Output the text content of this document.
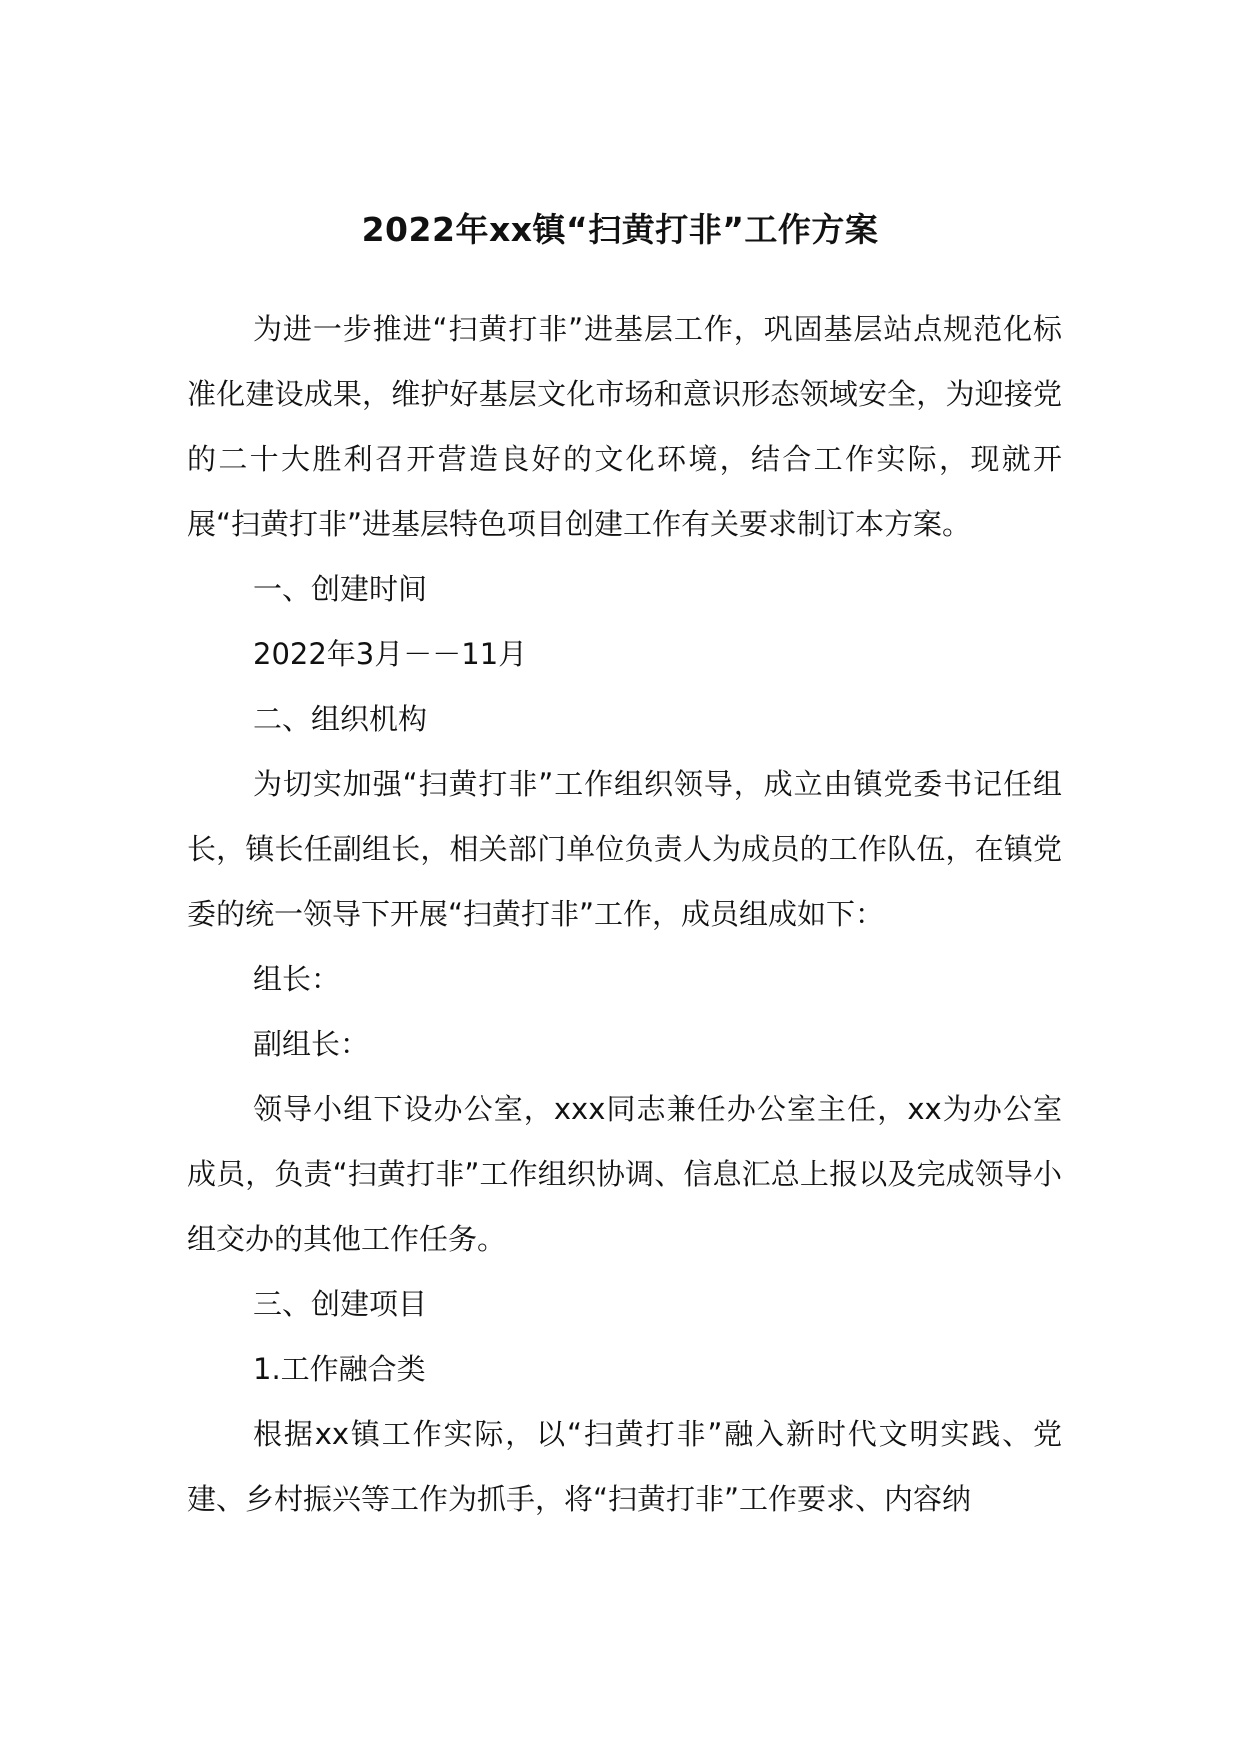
2022年xx镇“扫黄打非”工作方案

为进一步推进“扫黄打非”进基层工作，巩固基层站点规范化标准化建设成果，维护好基层文化市场和意识形态领域安全，为迎接党的二十大胜利召开营造良好的文化环境，结合工作实际，现就开展“扫黄打非”进基层特色项目创建工作有关要求制订本方案。

一、创建时间

2022年3月－－11月

二、组织机构

为切实加强“扫黄打非”工作组织领导，成立由镇党委书记任组长，镇长任副组长，相关部门单位负责人为成员的工作队伍，在镇党委的统一领导下开展“扫黄打非”工作，成员组成如下：

组长：

副组长：

领导小组下设办公室，xxx同志兼任办公室主任，xx为办公室成员，负责“扫黄打非”工作组织协调、信息汇总上报以及完成领导小组交办的其他工作任务。

三、创建项目

1.工作融合类

根据xx镇工作实际，以“扫黄打非”融入新时代文明实践、党建、乡村振兴等工作为抓手，将“扫黄打非”工作要求、内容纳
